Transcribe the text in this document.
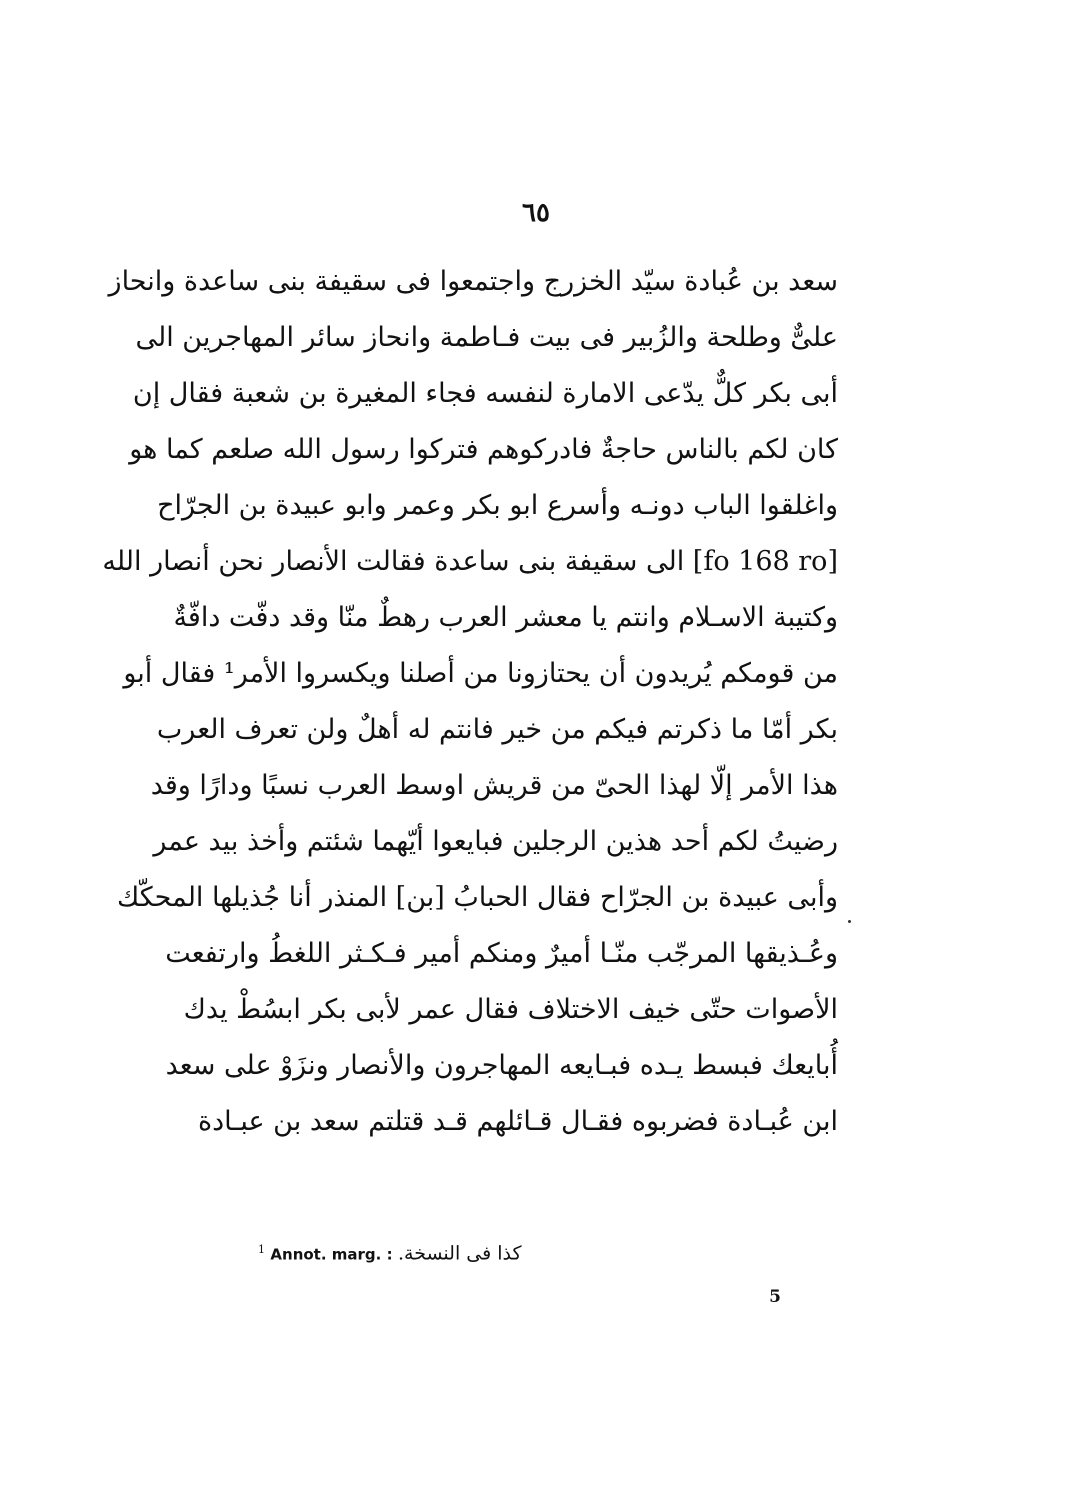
٦٥
سعد بن عُبادة سيّد الخزرج واجتمعوا فى سقيفة بنى ساعدة وانحاز
علىٌّ وطلحة والزُبير فى بيت فـاطمة وانحاز سائر المهاجرين الى
أبى بكر كلٌّ يدّعى الامارة لنفسه فجاء المغيرة بن شعبة فقال إن
كان لكم بالناس حاجةٌ فادركوهم فتركوا رسول الله صلعم كما هو
واغلقوا الباب دونـه وأسرع ابو بكر وعمر وابو عبيدة بن الجرّاح
[fo 168 ro] الى سقيفة بنى ساعدة فقالت الأنصار نحن أنصار الله
وكتيبة الاسـلام وانتم يا معشر العرب رهطٌ منّا وقد دفّت دافّةٌ
من قومكم يُريدون أن يحتازونا من أصلنا ويكسروا الأمر¹ فقال أبو
بكر أمّا ما ذكرتم فيكم من خير فانتم له أهلٌ ولن تعرف العرب
هذا الأمر إلّا لهذا الحىّ من قريش اوسط العرب نسبًا ودارًا وقد
رضيتُ لكم أحد هذين الرجلين فبايعوا أيّهما شئتم وأخذ بيد عمر
وأبى عبيدة بن الجرّاح فقال الحبابُ [بن] المنذر أنا جُذيلها المحكّك
وعُـذيقها المرجّب منّـا أميرٌ ومنكم أمير فـكـثر اللغطُ وارتفعت
الأصوات حتّى خيف الاختلاف فقال عمر لأبى بكر ابسُطْ يدك
أُبايعك فبسط يـده فبـايعه المهاجرون والأنصار ونزَوْ على سعد
ابن عُبـادة فضربوه فقـال قـائلهم قـد قتلتم سعد بن عبـادة
$^1$ Annot. marg. : كذا فى النسخة.
5
